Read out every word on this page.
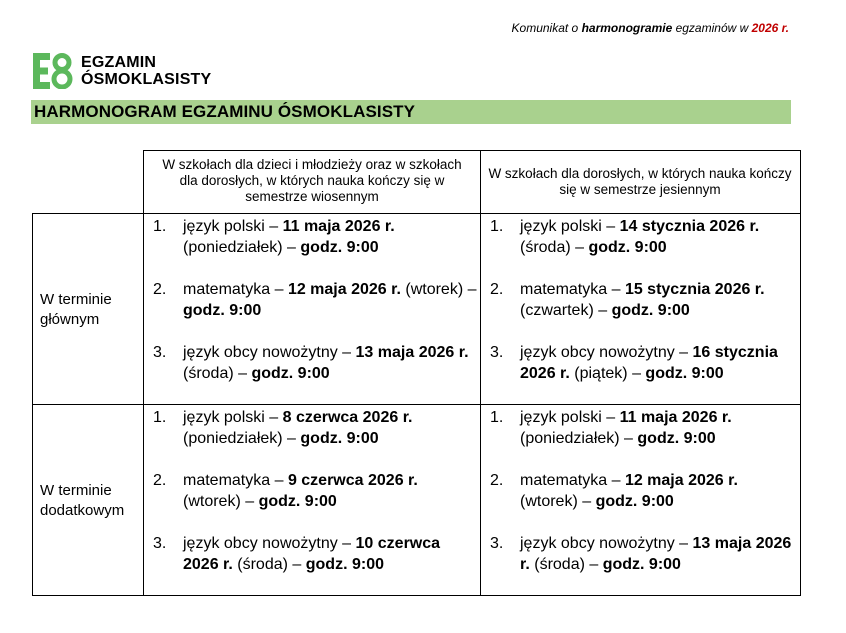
Komunikat o harmonogramie egzaminów w 2026 r.
EGZAMIN
ÓSMOKLASISTY
HARMONOGRAM EGZAMINU ÓSMOKLASISTY
W szkołach dla dzieci i młodzieży oraz w szkołach dla dorosłych, w których nauka kończy się w semestrze wiosennym
W szkołach dla dorosłych, w których nauka kończy się w semestrze jesiennym
W terminie głównym
1. język polski – 11 maja 2026 r. (poniedziałek) – godz. 9:00
2. matematyka – 12 maja 2026 r. (wtorek) – godz. 9:00
3. język obcy nowożytny – 13 maja 2026 r. (środa) – godz. 9:00
1. język polski – 14 stycznia 2026 r. (środa) – godz. 9:00
2. matematyka – 15 stycznia 2026 r. (czwartek) – godz. 9:00
3. język obcy nowożytny – 16 stycznia 2026 r. (piątek) – godz. 9:00
W terminie dodatkowym
1. język polski – 8 czerwca 2026 r. (poniedziałek) – godz. 9:00
2. matematyka – 9 czerwca 2026 r. (wtorek) – godz. 9:00
3. język obcy nowożytny – 10 czerwca 2026 r. (środa) – godz. 9:00
1. język polski – 11 maja 2026 r. (poniedziałek) – godz. 9:00
2. matematyka – 12 maja 2026 r. (wtorek) – godz. 9:00
3. język obcy nowożytny – 13 maja 2026 r. (środa) – godz. 9:00
